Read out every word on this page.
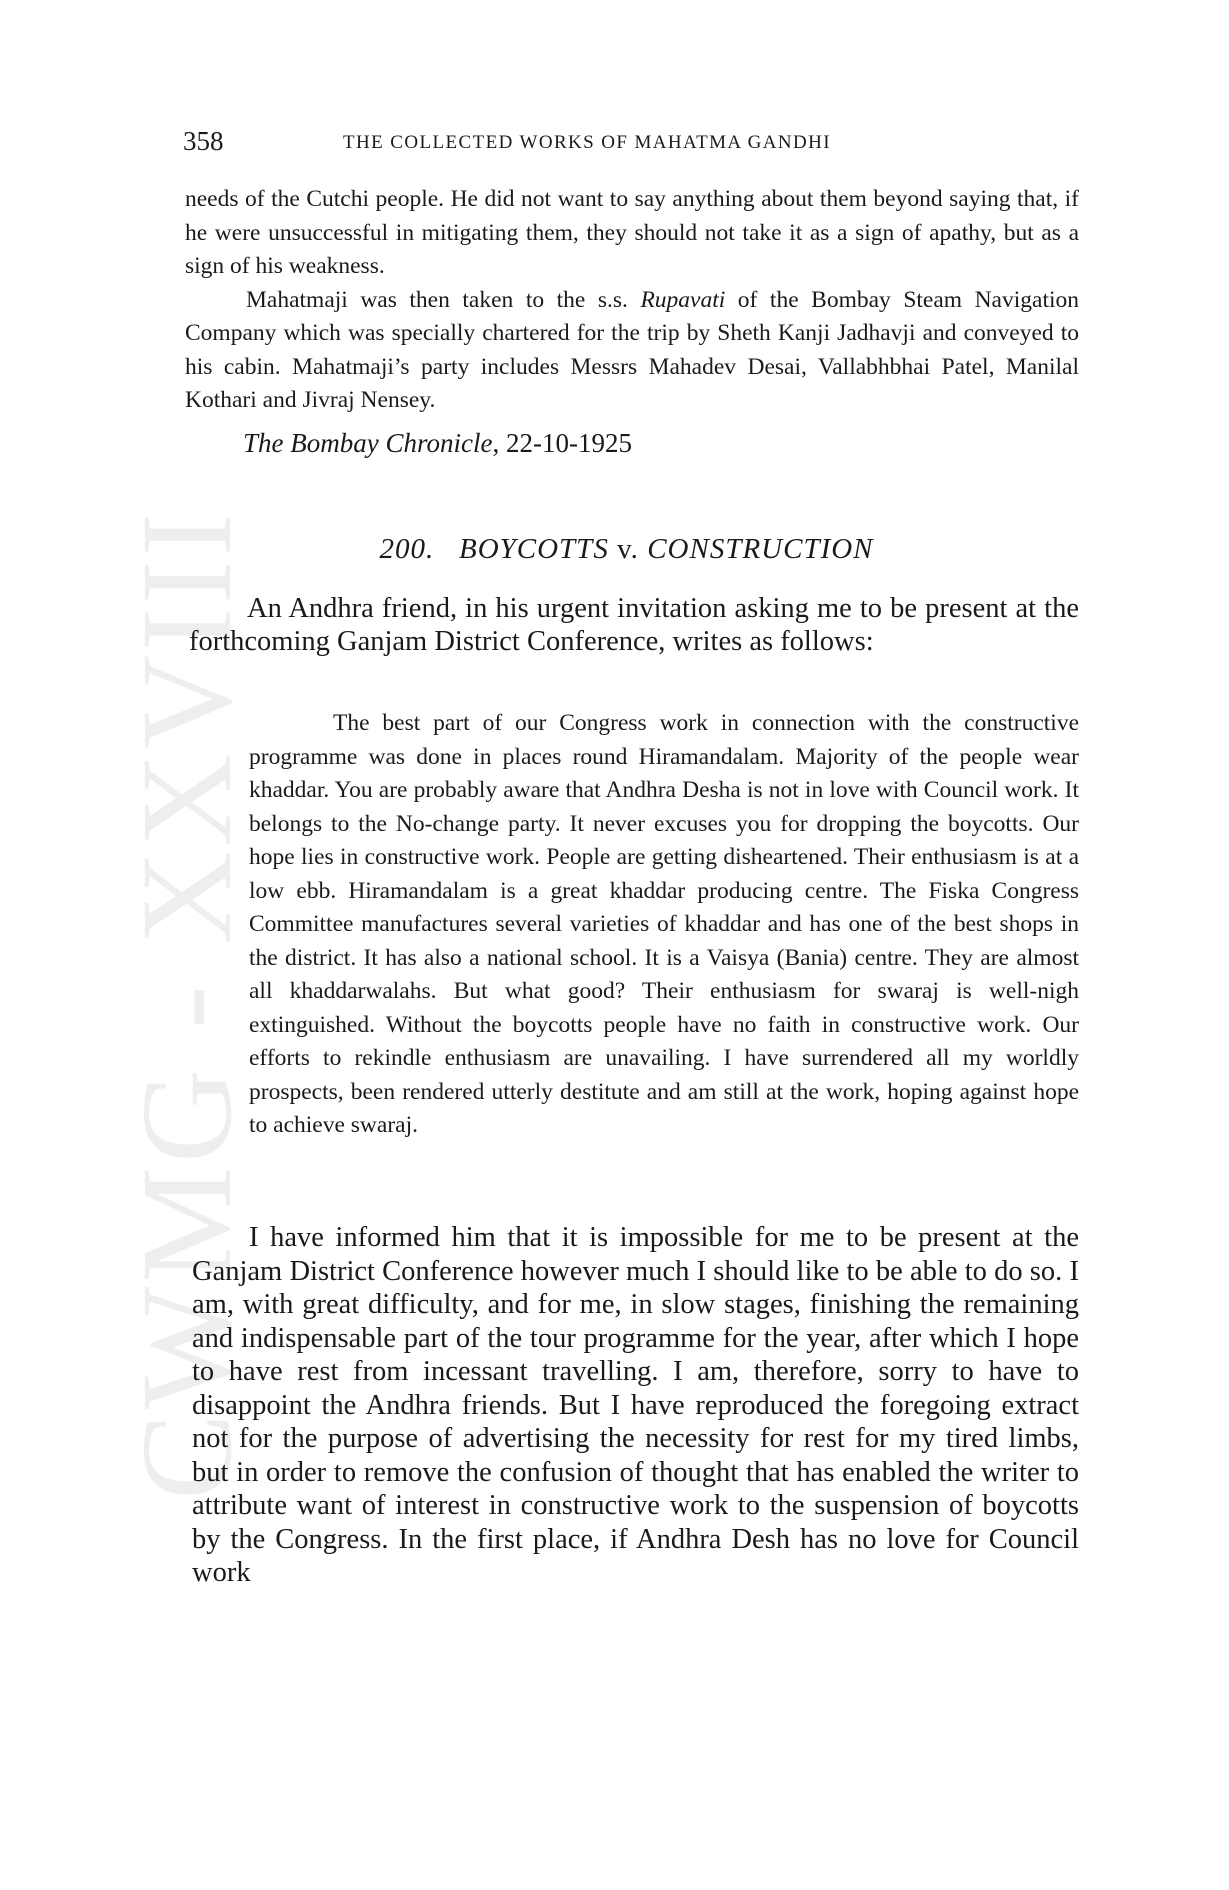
CWMG - XXVIII
358	THE COLLECTED WORKS OF MAHATMA GANDHI

needs of the Cutchi people. He did not want to say anything about them beyond saying that, if he were unsuccessful in mitigating them, they should not take it as a sign of apathy, but as a sign of his weakness.

Mahatmaji was then taken to the s.s. Rupavati of the Bombay Steam Navigation Company which was specially chartered for the trip by Sheth Kanji Jadhavji and conveyed to his cabin. Mahatmaji’s party includes Messrs Mahadev Desai, Vallabhbhai Patel, Manilal Kothari and Jivraj Nensey.

The Bombay Chronicle, 22-10-1925
200. BOYCOTTS v. CONSTRUCTION

An Andhra friend, in his urgent invitation asking me to be present at the forthcoming Ganjam District Conference, writes as follows:

The best part of our Congress work in connection with the constructive programme was done in places round Hiramandalam. Majority of the people wear khaddar. You are probably aware that Andhra Desha is not in love with Council work. It belongs to the No-change party. It never excuses you for dropping the boycotts. Our hope lies in constructive work. People are getting disheartened. Their enthusiasm is at a low ebb. Hiramandalam is a great khaddar producing centre. The Fiska Congress Committee manufactures several varieties of khaddar and has one of the best shops in the district. It has also a national school. It is a Vaisya (Bania) centre. They are almost all khaddarwalahs. But what good? Their enthusiasm for swaraj is well-nigh extinguished. Without the boycotts people have no faith in constructive work. Our efforts to rekindle enthusiasm are unavailing. I have surrendered all my worldly prospects, been rendered utterly destitute and am still at the work, hoping against hope to achieve swaraj.

I have informed him that it is impossible for me to be present at the Ganjam District Conference however much I should like to be able to do so. I am, with great difficulty, and for me, in slow stages, finishing the remaining and indispensable part of the tour programme for the year, after which I hope to have rest from incessant travelling. I am, therefore, sorry to have to disappoint the Andhra friends. But I have reproduced the foregoing extract not for the purpose of advertising the necessity for rest for my tired limbs, but in order to remove the confusion of thought that has enabled the writer to attribute want of interest in constructive work to the suspension of boycotts by the Congress. In the first place, if Andhra Desh has no love for Council work
